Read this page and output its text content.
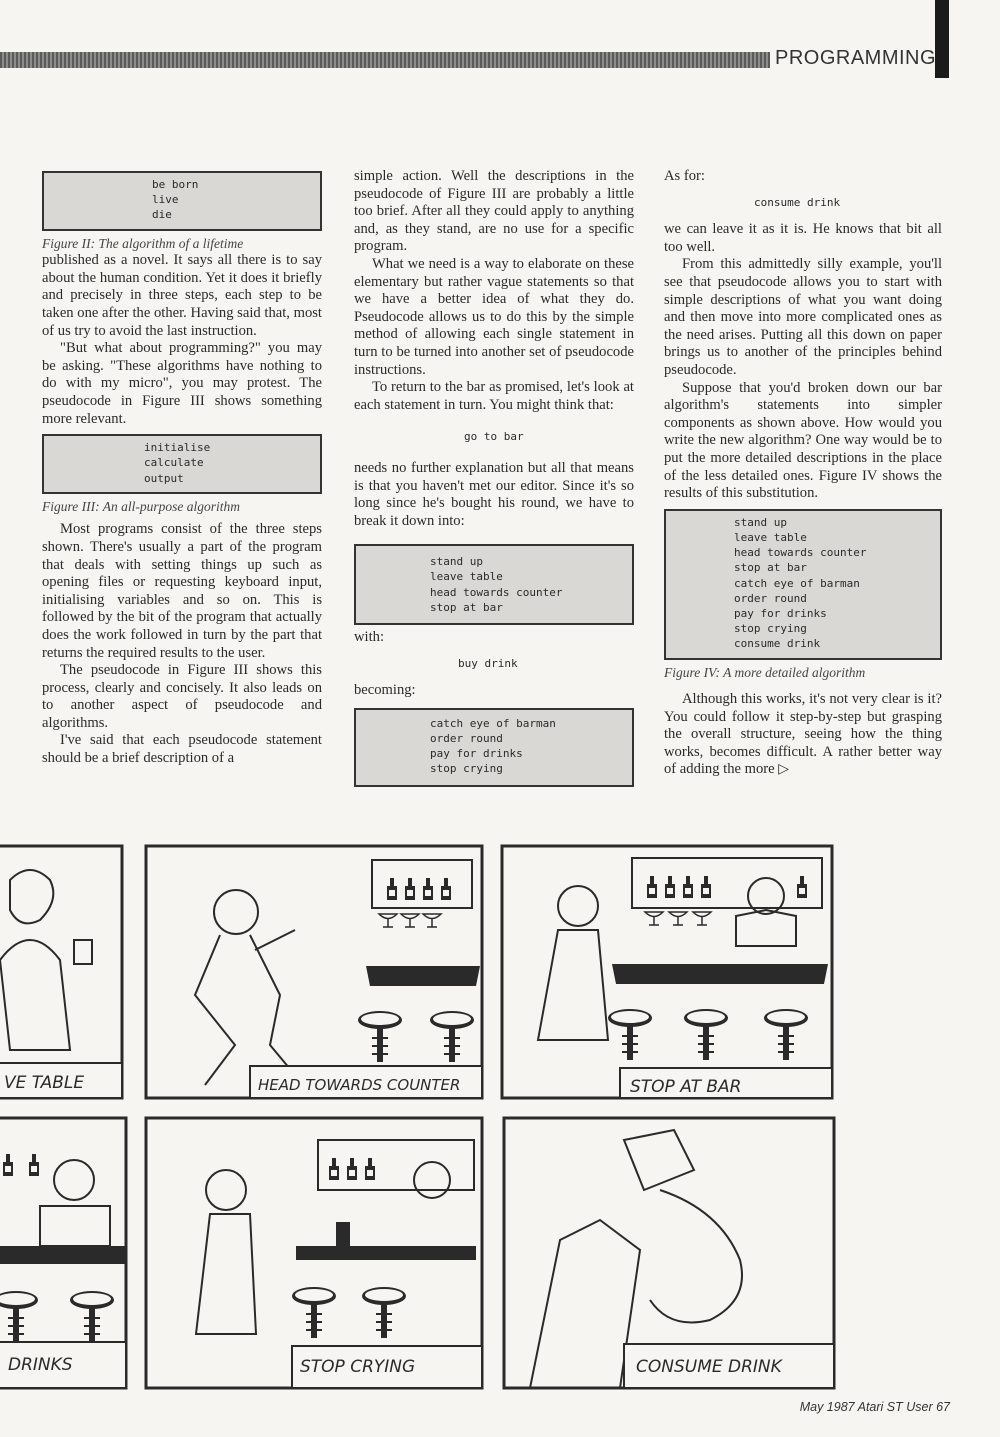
PROGRAMMING
be born
live
die

Figure II: The algorithm of a lifetime

published as a novel. It says all there is to say about the human condition. Yet it does it briefly and precisely in three steps, each step to be taken one after the other. Having said that, most of us try to avoid the last instruction.

"But what about programming?" you may be asking. "These algorithms have nothing to do with my micro", you may protest. The pseudocode in Figure III shows something more relevant.

initialise
calculate
output

Figure III: An all-purpose algorithm

Most programs consist of the three steps shown. There's usually a part of the program that deals with setting things up such as opening files or requesting keyboard input, initialising variables and so on. This is followed by the bit of the program that actually does the work followed in turn by the part that returns the required results to the user.

The pseudocode in Figure III shows this process, clearly and concisely. It also leads on to another aspect of pseudocode and algorithms.

I've said that each pseudocode statement should be a brief description of a

simple action. Well the descriptions in the pseudocode of Figure III are probably a little too brief. After all they could apply to anything and, as they stand, are no use for a specific program.

What we need is a way to elaborate on these elementary but rather vague statements so that we have a better idea of what they do. Pseudocode allows us to do this by the simple method of allowing each single statement in turn to be turned into another set of pseudocode instructions.

To return to the bar as promised, let's look at each statement in turn. You might think that:

go to bar

needs no further explanation but all that means is that you haven't met our editor. Since it's so long since he's bought his round, we have to break it down into:

stand up
leave table
head towards counter
stop at bar

with:

buy drink

becoming:

catch eye of barman
order round
pay for drinks
stop crying

As for:

consume drink

we can leave it as it is. He knows that bit all too well.

From this admittedly silly example, you'll see that pseudocode allows you to start with simple descriptions of what you want doing and then move into more complicated ones as the need arises. Putting all this down on paper brings us to another of the principles behind pseudocode.

Suppose that you'd broken down our bar algorithm's statements into simpler components as shown above. How would you write the new algorithm? One way would be to put the more detailed descriptions in the place of the less detailed ones. Figure IV shows the results of this substitution.

stand up
leave table
head towards counter
stop at bar
catch eye of barman
order round
pay for drinks
stop crying
consume drink

Figure IV: A more detailed algorithm

Although this works, it's not very clear is it? You could follow it step-by-step but grasping the overall structure, seeing how the thing works, becomes difficult. A rather better way of adding the more ▷

VE TABLE	HEAD TOWARDS COUNTER	STOP AT BAR
DRINKS	STOP CRYING	CONSUME DRINK
May 1987 Atari ST User 67
